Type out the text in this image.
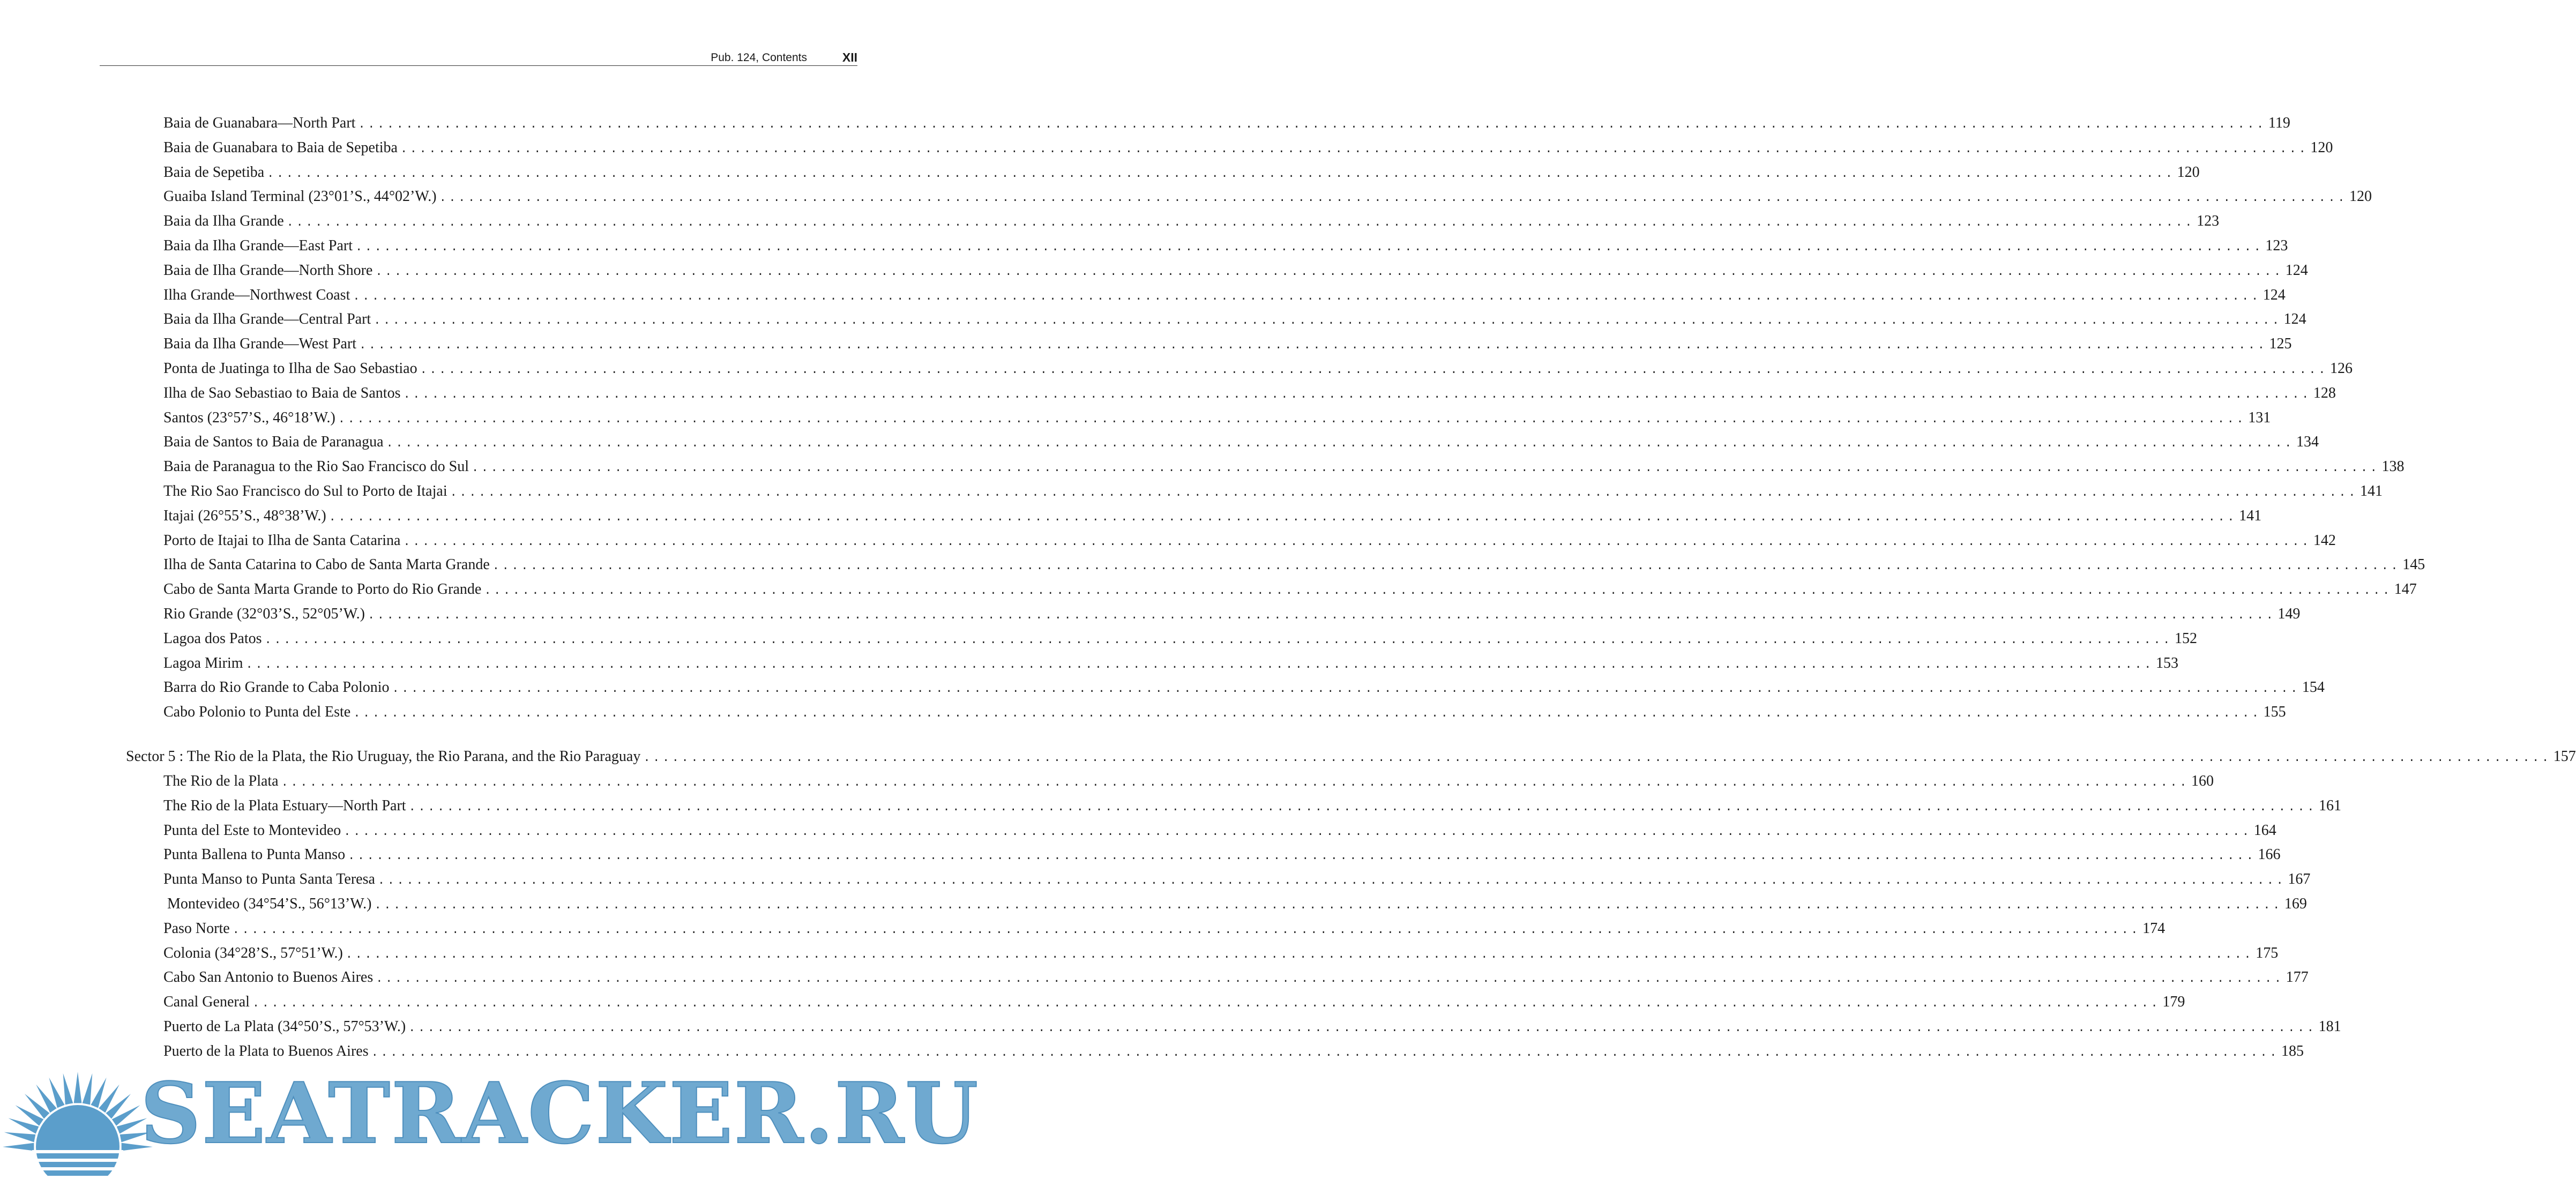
Pub. 124, Contents	XII
Baia de Guanabara—North Part ........................................................................................................................................................................................................ 119
Baia de Guanabara to Baia de Sepetiba ........................................................................................................................................................................................................ 120
Baia de Sepetiba ........................................................................................................................................................................................................ 120
Guaiba Island Terminal (23°01’S., 44°02’W.) ........................................................................................................................................................................................................ 120
Baia da Ilha Grande ........................................................................................................................................................................................................ 123
Baia da Ilha Grande—East Part ........................................................................................................................................................................................................ 123
Baia de Ilha Grande—North Shore ........................................................................................................................................................................................................ 124
Ilha Grande—Northwest Coast ........................................................................................................................................................................................................ 124
Baia da Ilha Grande—Central Part ........................................................................................................................................................................................................ 124
Baia da Ilha Grande—West Part ........................................................................................................................................................................................................ 125
Ponta de Juatinga to Ilha de Sao Sebastiao ........................................................................................................................................................................................................ 126
Ilha de Sao Sebastiao to Baia de Santos ........................................................................................................................................................................................................ 128
Santos (23°57’S., 46°18’W.) ........................................................................................................................................................................................................ 131
Baia de Santos to Baia de Paranagua ........................................................................................................................................................................................................ 134
Baia de Paranagua to the Rio Sao Francisco do Sul ........................................................................................................................................................................................................ 138
The Rio Sao Francisco do Sul to Porto de Itajai ........................................................................................................................................................................................................ 141
Itajai (26°55’S., 48°38’W.) ........................................................................................................................................................................................................ 141
Porto de Itajai to Ilha de Santa Catarina ........................................................................................................................................................................................................ 142
Ilha de Santa Catarina to Cabo de Santa Marta Grande ........................................................................................................................................................................................................ 145
Cabo de Santa Marta Grande to Porto do Rio Grande ........................................................................................................................................................................................................ 147
Rio Grande (32°03’S., 52°05’W.) ........................................................................................................................................................................................................ 149
Lagoa dos Patos ........................................................................................................................................................................................................ 152
Lagoa Mirim ........................................................................................................................................................................................................ 153
Barra do Rio Grande to Caba Polonio ........................................................................................................................................................................................................ 154
Cabo Polonio to Punta del Este ........................................................................................................................................................................................................ 155
Sector 5 : The Rio de la Plata, the Rio Uruguay, the Rio Parana, and the Rio Paraguay ........................................................................................................................................................................................................ 157
The Rio de la Plata ........................................................................................................................................................................................................ 160
The Rio de la Plata Estuary—North Part ........................................................................................................................................................................................................ 161
Punta del Este to Montevideo ........................................................................................................................................................................................................ 164
Punta Ballena to Punta Manso ........................................................................................................................................................................................................ 166
Punta Manso to Punta Santa Teresa ........................................................................................................................................................................................................ 167
Montevideo (34°54’S., 56°13’W.) ........................................................................................................................................................................................................ 169
Paso Norte ........................................................................................................................................................................................................ 174
Colonia (34°28’S., 57°51’W.) ........................................................................................................................................................................................................ 175
Cabo San Antonio to Buenos Aires ........................................................................................................................................................................................................ 177
Canal General ........................................................................................................................................................................................................ 179
Puerto de La Plata (34°50’S., 57°53’W.) ........................................................................................................................................................................................................ 181
Puerto de la Plata to Buenos Aires ........................................................................................................................................................................................................ 185
SEATRACKER.RU
